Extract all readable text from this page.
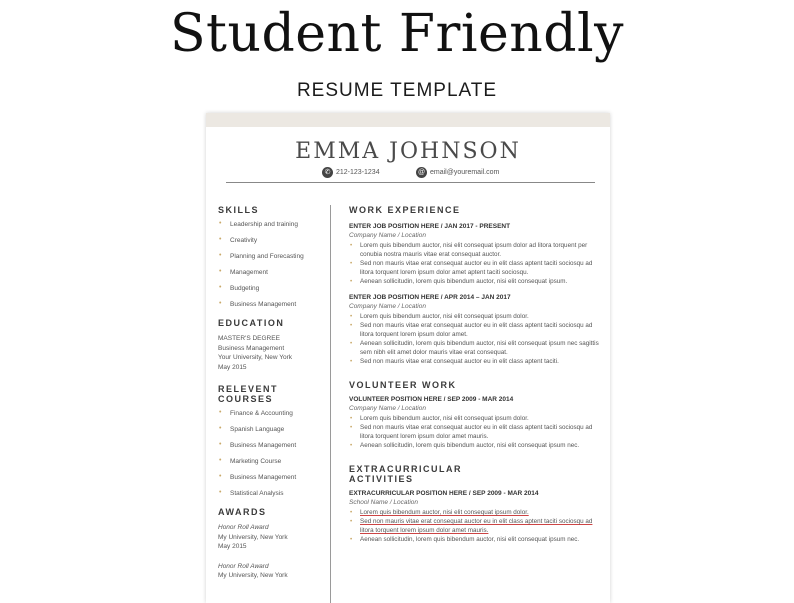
Student Friendly
RESUME TEMPLATE
EMMA JOHNSON
✆ 212-123-1234	@ email@youremail.com
SKILLS
• Leadership and training
• Creativity
• Planning and Forecasting
• Management
• Budgeting
• Business Management
EDUCATION
MASTER'S DEGREE
Business Management
Your University, New York
May 2015
RELEVENT COURSES
• Finance & Accounting
• Spanish Language
• Business Management
• Marketing Course
• Business Management
• Statistical Analysis
AWARDS
Honor Roll Award
My University, New York
May 2015
Honor Roll Award
My University, New York
WORK EXPERIENCE
ENTER JOB POSITION HERE / JAN 2017 - PRESENT
Company Name / Location
• Lorem quis bibendum auctor, nisi elit consequat ipsum dolor ad litora torquent per conubia nostra mauris vitae erat consequat auctor.
• Sed non mauris vitae erat consequat auctor eu in elit class aptent taciti sociosqu ad litora torquent lorem ipsum dolor amet aptent taciti sociosqu.
• Aenean sollicitudin, lorem quis bibendum auctor, nisi elit consequat ipsum.
ENTER JOB POSITION HERE / APR 2014 – JAN 2017
Company Name / Location
• Lorem quis bibendum auctor, nisi elit consequat ipsum dolor.
• Sed non mauris vitae erat consequat auctor eu in elit class aptent taciti sociosqu ad litora torquent lorem ipsum dolor amet.
• Aenean sollicitudin, lorem quis bibendum auctor, nisi elit consequat ipsum nec sagittis sem nibh elit amet dolor mauris vitae erat consequat.
• Sed non mauris vitae erat consequat auctor eu in elit class aptent taciti.
VOLUNTEER WORK
VOLUNTEER POSITION HERE / SEP 2009 - MAR 2014
Company Name / Location
• Lorem quis bibendum auctor, nisi elit consequat ipsum dolor.
• Sed non mauris vitae erat consequat auctor eu in elit class aptent taciti sociosqu ad litora torquent lorem ipsum dolor amet mauris.
• Aenean sollicitudin, lorem quis bibendum auctor, nisi elit consequat ipsum nec.
EXTRACURRICULAR
ACTIVITIES
EXTRACURRICULAR POSITION HERE / SEP 2009 - MAR 2014
School Name / Location
• Lorem quis bibendum auctor, nisi elit consequat ipsum dolor.
• Sed non mauris vitae erat consequat auctor eu in elit class aptent taciti sociosqu ad litora torquent lorem ipsum dolor amet mauris.
• Aenean sollicitudin, lorem quis bibendum auctor, nisi elit consequat ipsum nec.
